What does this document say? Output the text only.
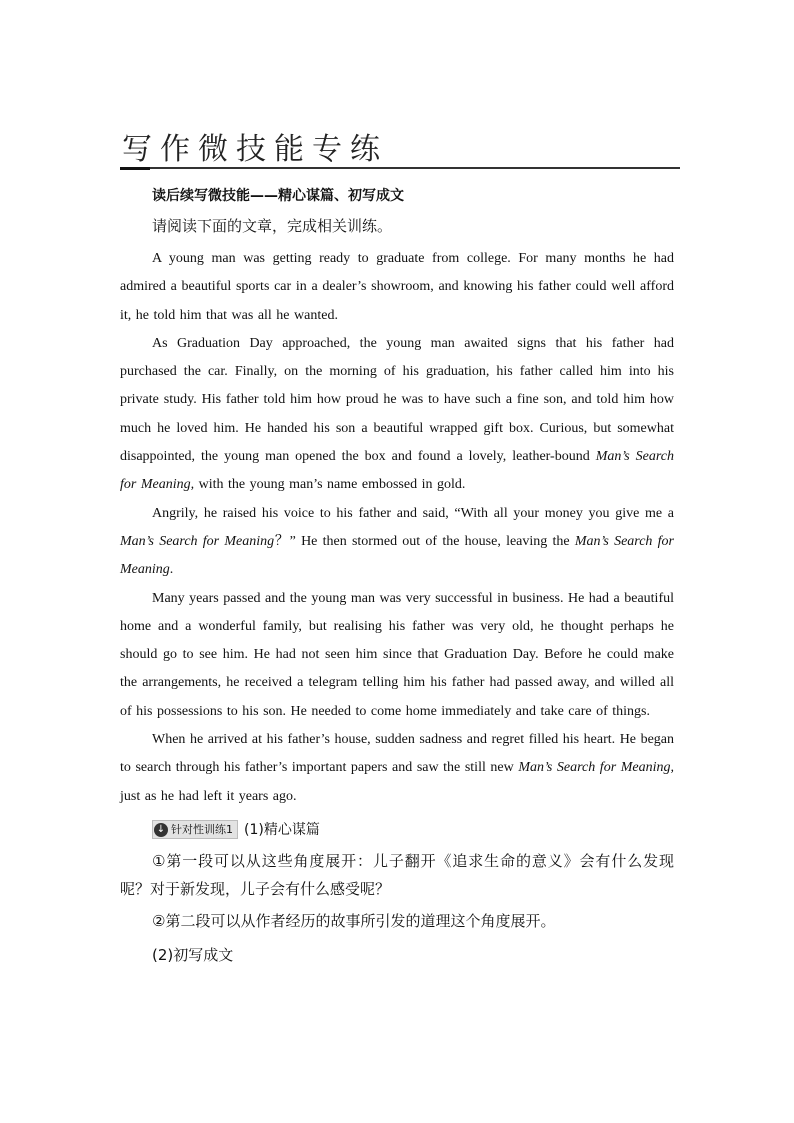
写作微技能专练
读后续写微技能——精心谋篇、初写成文
请阅读下面的文章，完成相关训练。

A young man was getting ready to graduate from college. For many months he had admired a beautiful sports car in a dealer’s showroom, and knowing his father could well afford it, he told him that was all he wanted.

As Graduation Day approached, the young man awaited signs that his father had purchased the car. Finally, on the morning of his graduation, his father called him into his private study. His father told him how proud he was to have such a fine son, and told him how much he loved him. He handed his son a beautiful wrapped gift box. Curious, but somewhat disappointed, the young man opened the box and found a lovely, leather-bound Man’s Search for Meaning, with the young man’s name embossed in gold.

Angrily, he raised his voice to his father and said, “With all your money you give me a Man’s Search for Meaning？” He then stormed out of the house, leaving the Man’s Search for Meaning.

Many years passed and the young man was very successful in business. He had a beautiful home and a wonderful family, but realising his father was very old, he thought perhaps he should go to see him. He had not seen him since that Graduation Day. Before he could make the arrangements, he received a telegram telling him his father had passed away, and willed all of his possessions to his son. He needed to come home immediately and take care of things.

When he arrived at his father’s house, sudden sadness and regret filled his heart. He began to search through his father’s important papers and saw the still new Man’s Search for Meaning, just as he had left it years ago.

↓ 针对性训练1 (1)精心谋篇

①第一段可以从这些角度展开：儿子翻开《追求生命的意义》会有什么发现呢？对于新发现，儿子会有什么感受呢？

②第二段可以从作者经历的故事所引发的道理这个角度展开。

(2)初写成文
